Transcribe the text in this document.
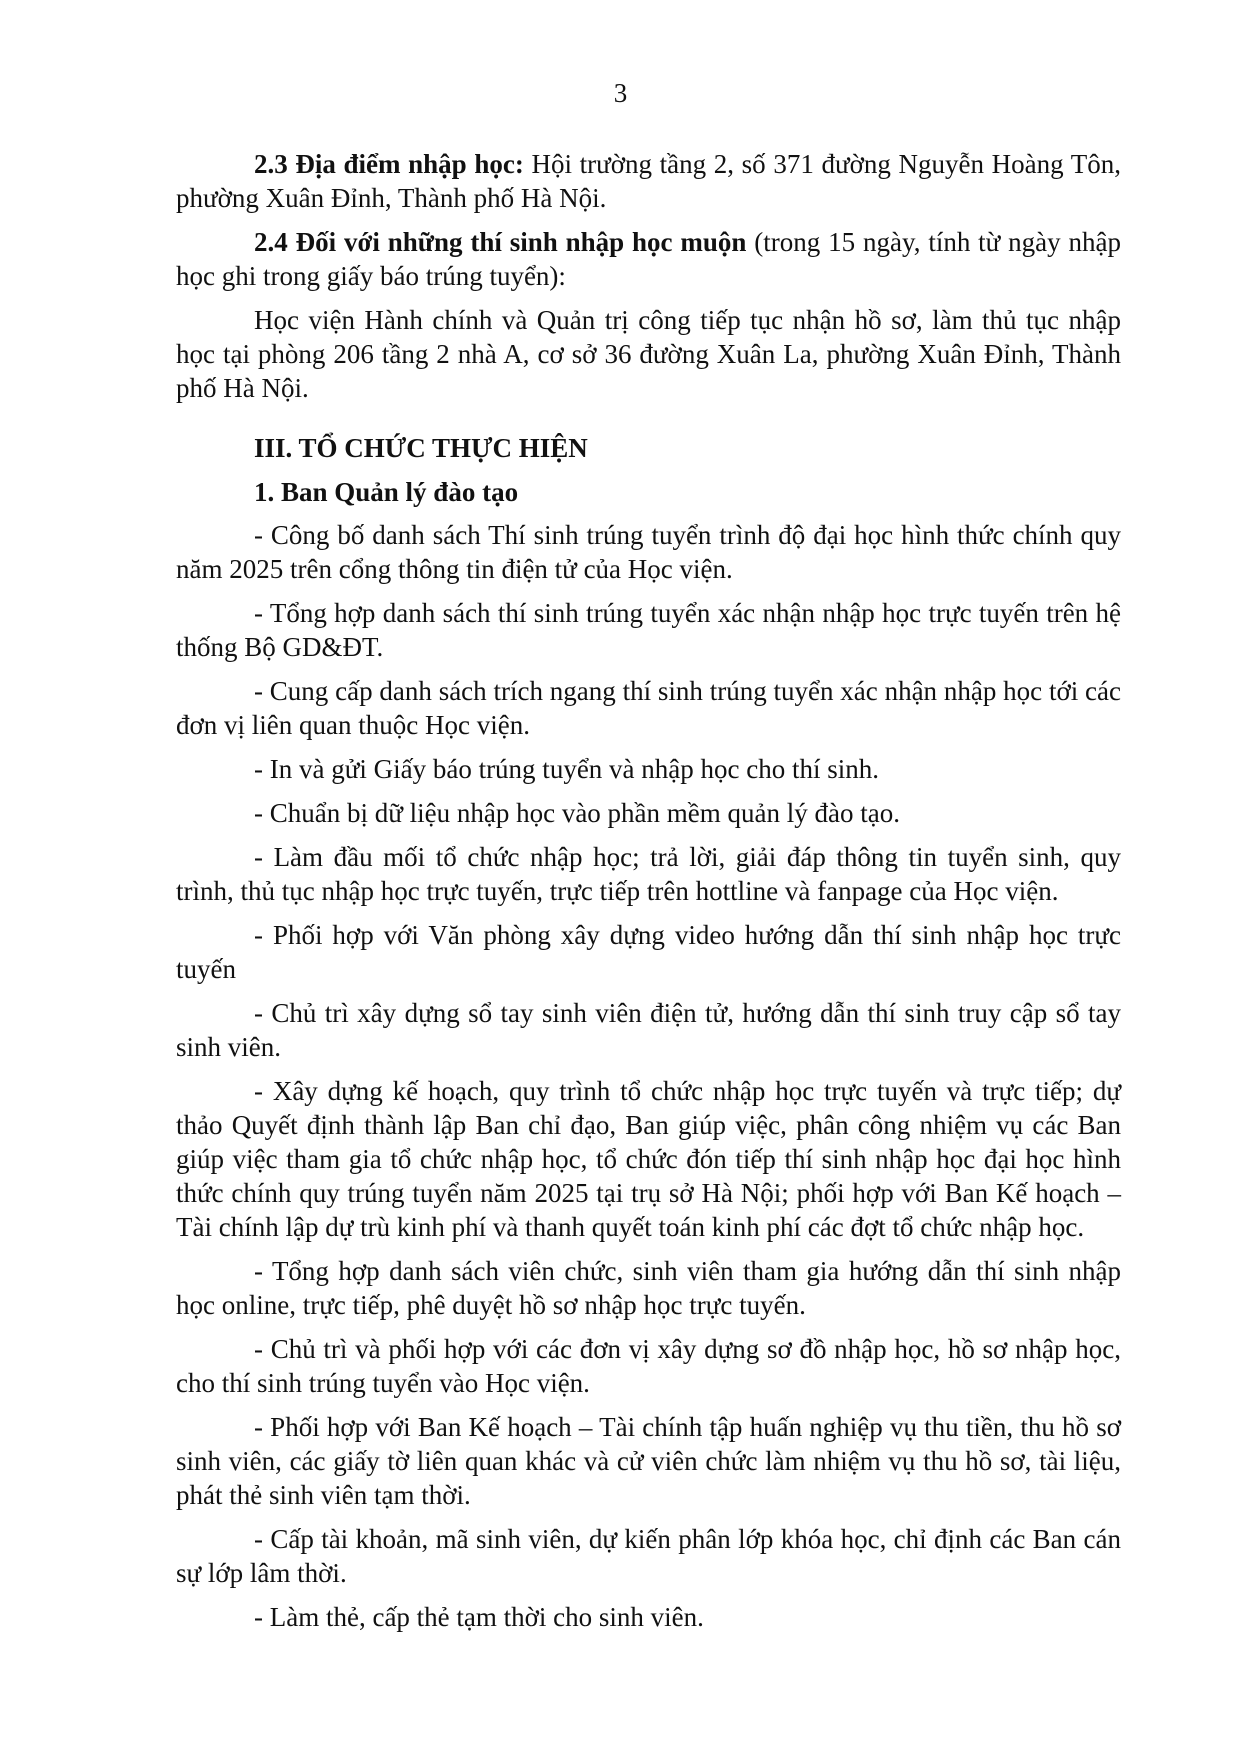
3

2.3 Địa điểm nhập học: Hội trường tầng 2, số 371 đường Nguyễn Hoàng Tôn, phường Xuân Đỉnh, Thành phố Hà Nội.

2.4 Đối với những thí sinh nhập học muộn (trong 15 ngày, tính từ ngày nhập học ghi trong giấy báo trúng tuyển):

Học viện Hành chính và Quản trị công tiếp tục nhận hồ sơ, làm thủ tục nhập học tại phòng 206 tầng 2 nhà A, cơ sở 36 đường Xuân La, phường Xuân Đỉnh, Thành phố Hà Nội.

III. TỔ CHỨC THỰC HIỆN

1. Ban Quản lý đào tạo

- Công bố danh sách Thí sinh trúng tuyển trình độ đại học hình thức chính quy năm 2025 trên cổng thông tin điện tử của Học viện.

- Tổng hợp danh sách thí sinh trúng tuyển xác nhận nhập học trực tuyến trên hệ thống Bộ GD&ĐT.

- Cung cấp danh sách trích ngang thí sinh trúng tuyển xác nhận nhập học tới các đơn vị liên quan thuộc Học viện.

- In và gửi Giấy báo trúng tuyển và nhập học cho thí sinh.

- Chuẩn bị dữ liệu nhập học vào phần mềm quản lý đào tạo.

- Làm đầu mối tổ chức nhập học; trả lời, giải đáp thông tin tuyển sinh, quy trình, thủ tục nhập học trực tuyến, trực tiếp trên hottline và fanpage của Học viện.

- Phối hợp với Văn phòng xây dựng video hướng dẫn thí sinh nhập học trực tuyến

- Chủ trì xây dựng sổ tay sinh viên điện tử, hướng dẫn thí sinh truy cập sổ tay sinh viên.

- Xây dựng kế hoạch, quy trình tổ chức nhập học trực tuyến và trực tiếp; dự thảo Quyết định thành lập Ban chỉ đạo, Ban giúp việc, phân công nhiệm vụ các Ban giúp việc tham gia tổ chức nhập học, tổ chức đón tiếp thí sinh nhập học đại học hình thức chính quy trúng tuyển năm 2025 tại trụ sở Hà Nội; phối hợp với Ban Kế hoạch – Tài chính lập dự trù kinh phí và thanh quyết toán kinh phí các đợt tổ chức nhập học.

- Tổng hợp danh sách viên chức, sinh viên tham gia hướng dẫn thí sinh nhập học online, trực tiếp, phê duyệt hồ sơ nhập học trực tuyến.

- Chủ trì và phối hợp với các đơn vị xây dựng sơ đồ nhập học, hồ sơ nhập học, cho thí sinh trúng tuyển vào Học viện.

- Phối hợp với Ban Kế hoạch – Tài chính tập huấn nghiệp vụ thu tiền, thu hồ sơ sinh viên, các giấy tờ liên quan khác và cử viên chức làm nhiệm vụ thu hồ sơ, tài liệu, phát thẻ sinh viên tạm thời.

- Cấp tài khoản, mã sinh viên, dự kiến phân lớp khóa học, chỉ định các Ban cán sự lớp lâm thời.

- Làm thẻ, cấp thẻ tạm thời cho sinh viên.
